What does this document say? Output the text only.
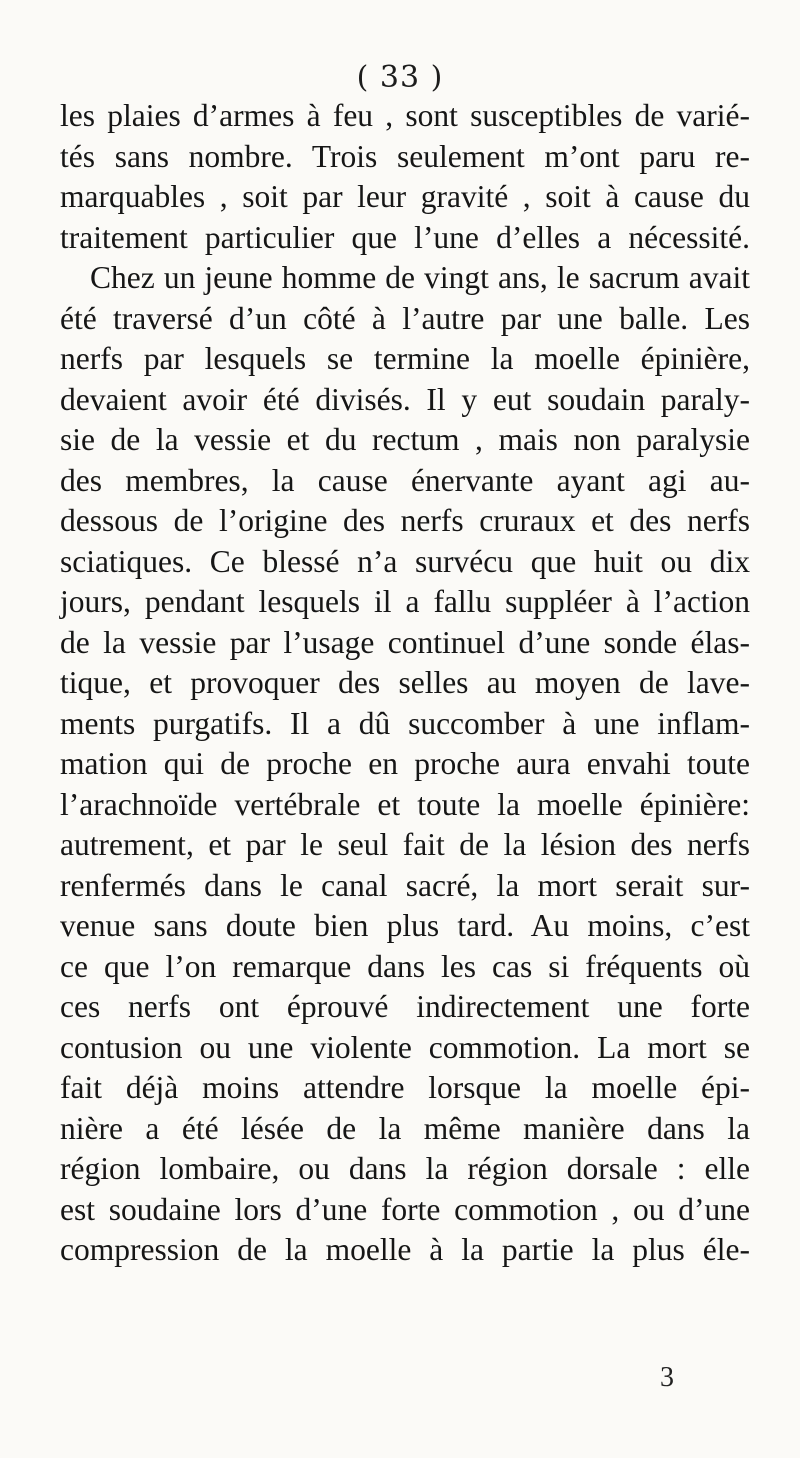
( 33 )
les plaies d’armes à feu , sont susceptibles de varié-
tés sans nombre. Trois seulement m’ont paru re-
marquables , soit par leur gravité , soit à cause du
traitement particulier que l’une d’elles a nécessité.
Chez un jeune homme de vingt ans, le sacrum avait
été traversé d’un côté à l’autre par une balle. Les
nerfs par lesquels se termine la moelle épinière,
devaient avoir été divisés. Il y eut soudain paraly-
sie de la vessie et du rectum , mais non paralysie
des membres, la cause énervante ayant agi au-
dessous de l’origine des nerfs cruraux et des nerfs
sciatiques. Ce blessé n’a survécu que huit ou dix
jours, pendant lesquels il a fallu suppléer à l’action
de la vessie par l’usage continuel d’une sonde élas-
tique, et provoquer des selles au moyen de lave-
ments purgatifs. Il a dû succomber à une inflam-
mation qui de proche en proche aura envahi toute
l’arachnoïde vertébrale et toute la moelle épinière:
autrement, et par le seul fait de la lésion des nerfs
renfermés dans le canal sacré, la mort serait sur-
venue sans doute bien plus tard. Au moins, c’est
ce que l’on remarque dans les cas si fréquents où
ces nerfs ont éprouvé indirectement une forte
contusion ou une violente commotion. La mort se
fait déjà moins attendre lorsque la moelle épi-
nière a été lésée de la même manière dans la
région lombaire, ou dans la région dorsale : elle
est soudaine lors d’une forte commotion , ou d’une
compression de la moelle à la partie la plus éle-
3
